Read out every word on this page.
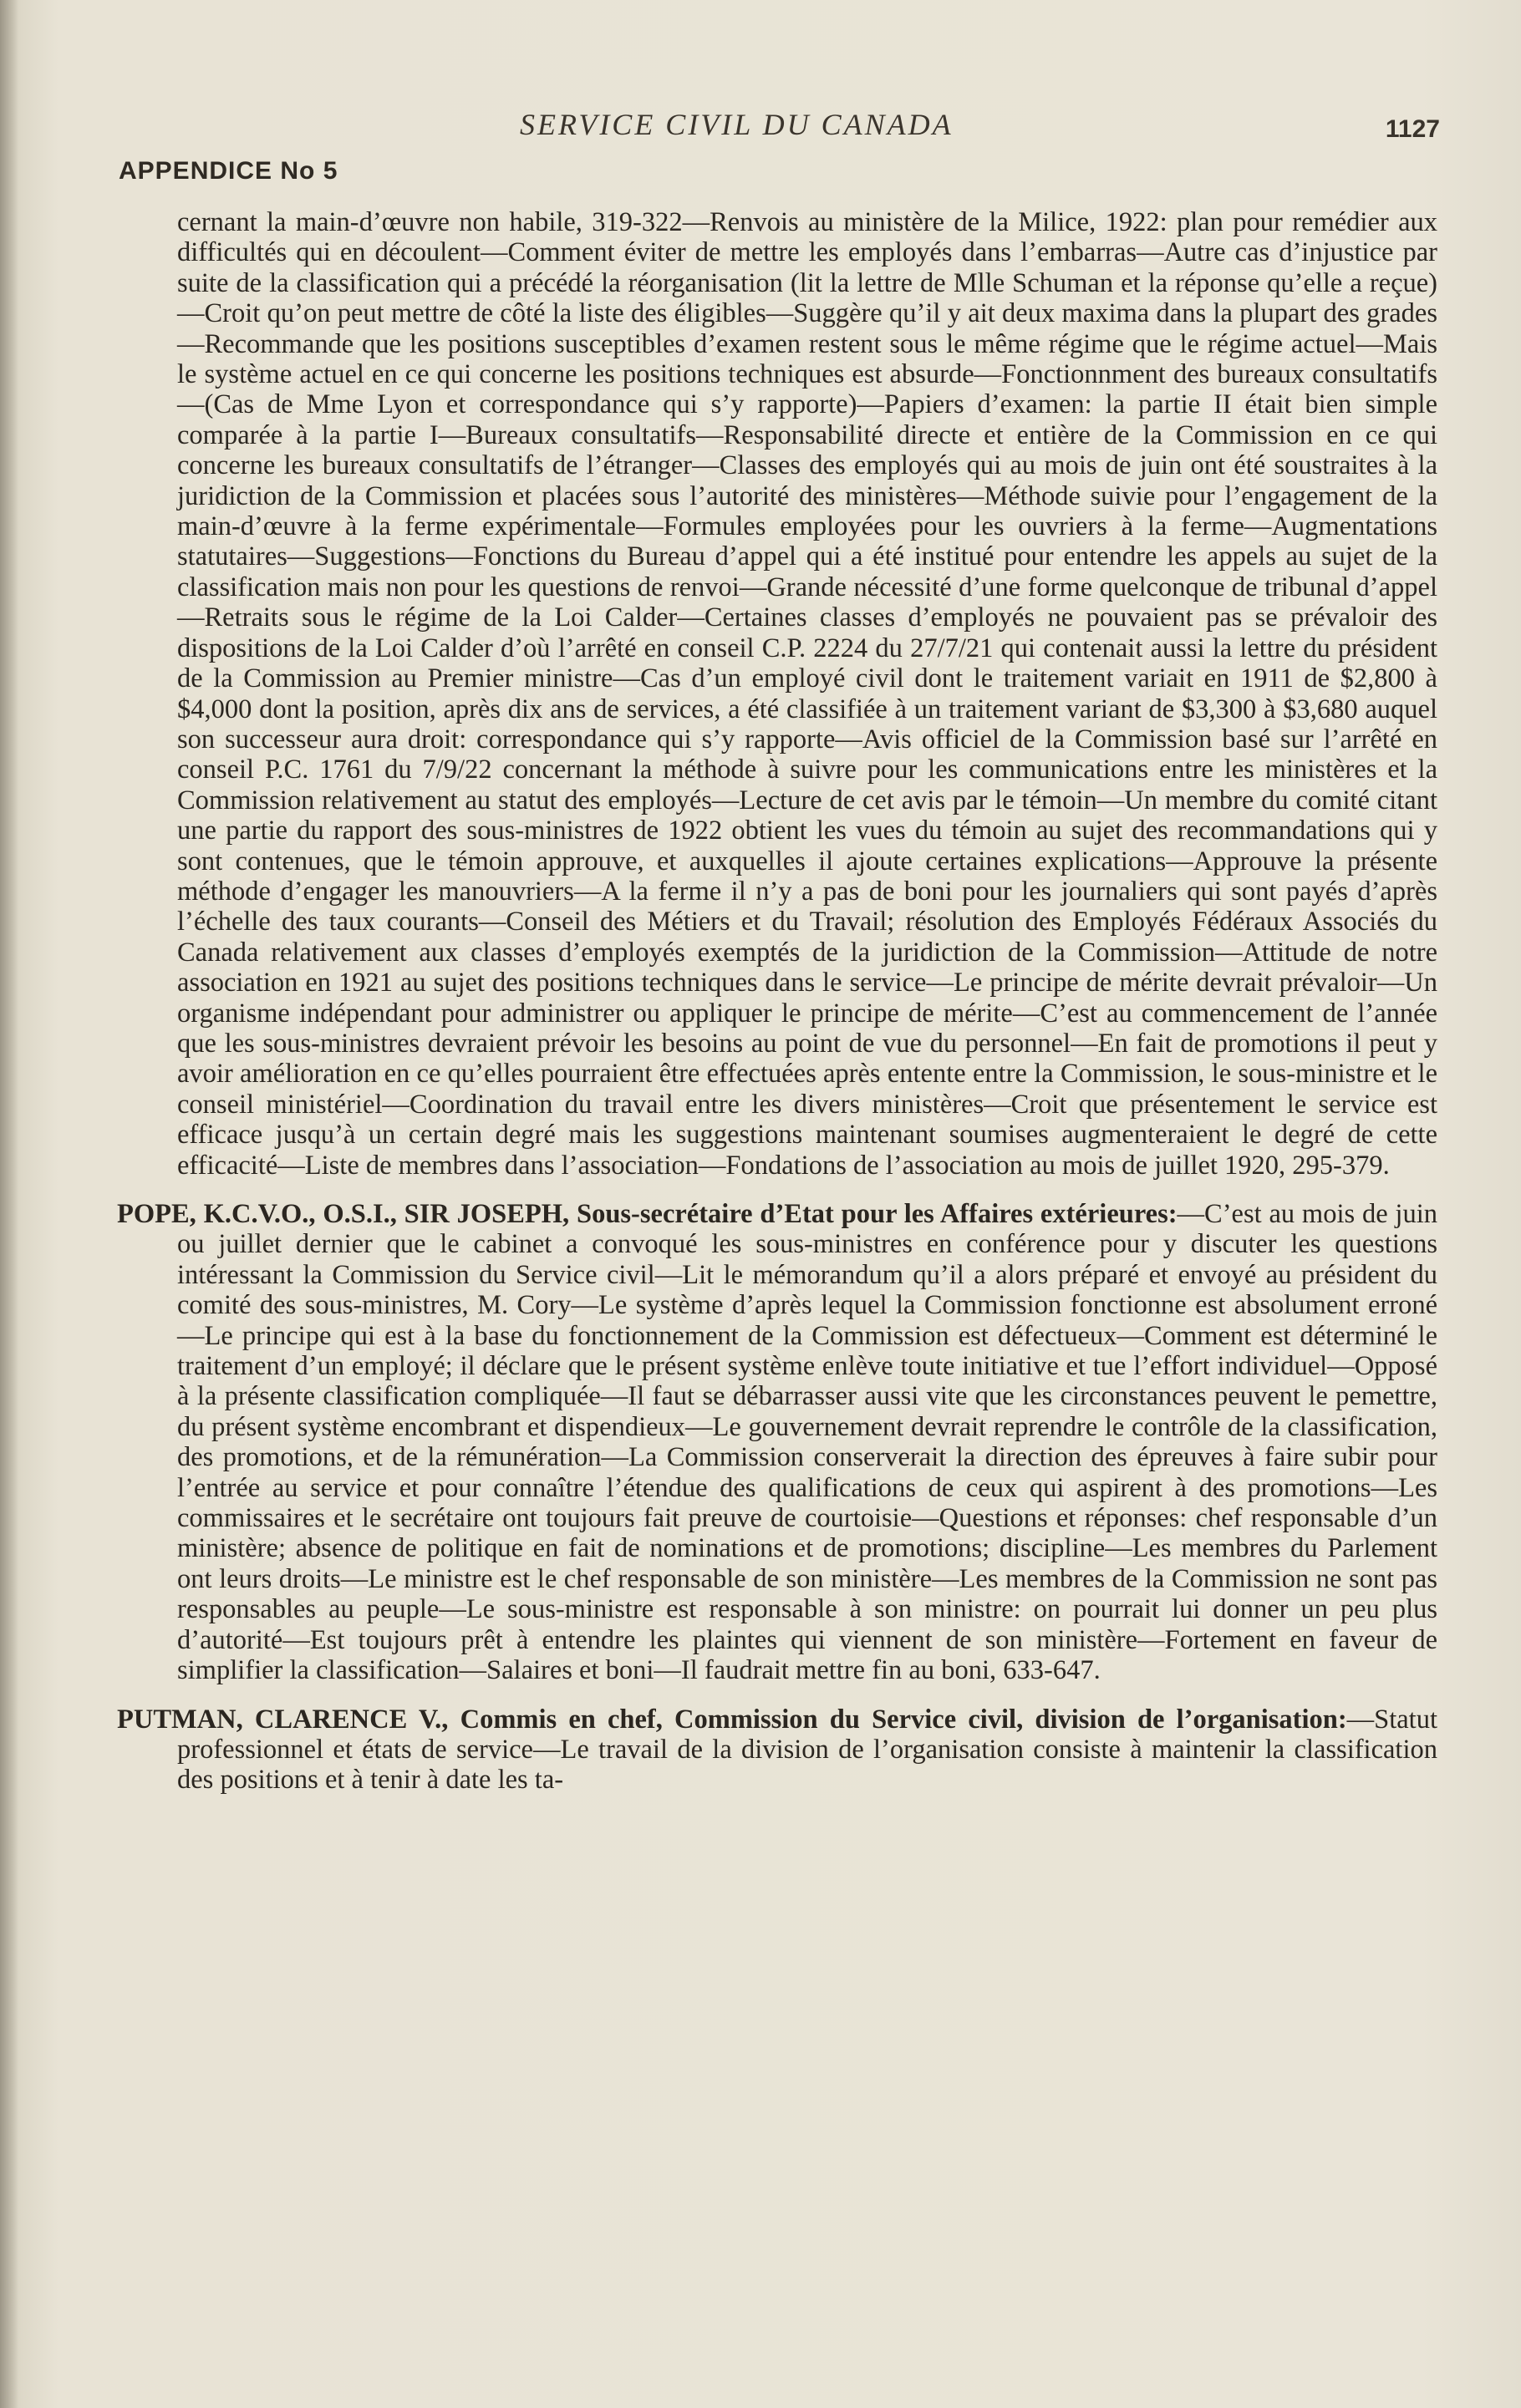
SERVICE CIVIL DU CANADA	1127
APPENDICE No 5

cernant la main-d’œuvre non habile, 319-322—Renvois au ministère de la Milice, 1922: plan pour remédier aux difficultés qui en découlent—Comment éviter de mettre les employés dans l’embarras—Autre cas d’injustice par suite de la classification qui a précédé la réorganisation (lit la lettre de Mlle Schuman et la réponse qu’elle a reçue)—Croit qu’on peut mettre de côté la liste des éligibles—Suggère qu’il y ait deux maxima dans la plupart des grades—Recommande que les positions susceptibles d’examen restent sous le même régime que le régime actuel—Mais le système actuel en ce qui concerne les positions techniques est absurde—Fonctionnment des bureaux consultatifs—(Cas de Mme Lyon et correspondance qui s’y rapporte)—Papiers d’examen: la partie II était bien simple comparée à la partie I—Bureaux consultatifs—Responsabilité directe et entière de la Commission en ce qui concerne les bureaux consultatifs de l’étranger—Classes des employés qui au mois de juin ont été soustraites à la juridiction de la Commission et placées sous l’autorité des ministères—Méthode suivie pour l’engagement de la main-d’œuvre à la ferme expérimentale—Formules employées pour les ouvriers à la ferme—Augmentations statutaires—Suggestions—Fonctions du Bureau d’appel qui a été institué pour entendre les appels au sujet de la classification mais non pour les questions de renvoi—Grande nécessité d’une forme quelconque de tribunal d’appel—Retraits sous le régime de la Loi Calder—Certaines classes d’employés ne pouvaient pas se prévaloir des dispositions de la Loi Calder d’où l’arrêté en conseil C.P. 2224 du 27/7/21 qui contenait aussi la lettre du président de la Commission au Premier ministre—Cas d’un employé civil dont le traitement variait en 1911 de $2,800 à $4,000 dont la position, après dix ans de services, a été classifiée à un traitement variant de $3,300 à $3,680 auquel son successeur aura droit: correspondance qui s’y rapporte—Avis officiel de la Commission basé sur l’arrêté en conseil P.C. 1761 du 7/9/22 concernant la méthode à suivre pour les communications entre les ministères et la Commission relativement au statut des employés—Lecture de cet avis par le témoin—Un membre du comité citant une partie du rapport des sous-ministres de 1922 obtient les vues du témoin au sujet des recommandations qui y sont contenues, que le témoin approuve, et auxquelles il ajoute certaines explications—Approuve la présente méthode d’engager les manouvriers—A la ferme il n’y a pas de boni pour les journaliers qui sont payés d’après l’échelle des taux courants—Conseil des Métiers et du Travail; résolution des Employés Fédéraux Associés du Canada relativement aux classes d’employés exemptés de la juridiction de la Commission—Attitude de notre association en 1921 au sujet des positions techniques dans le service—Le principe de mérite devrait prévaloir—Un organisme indépendant pour administrer ou appliquer le principe de mérite—C’est au commencement de l’année que les sous-ministres devraient prévoir les besoins au point de vue du personnel—En fait de promotions il peut y avoir amélioration en ce qu’elles pourraient être effectuées après entente entre la Commission, le sous-ministre et le conseil ministériel—Coordination du travail entre les divers ministères—Croit que présentement le service est efficace jusqu’à un certain degré mais les suggestions maintenant soumises augmenteraient le degré de cette efficacité—Liste de membres dans l’association—Fondations de l’association au mois de juillet 1920, 295-379.

POPE, K.C.V.O., O.S.I., SIR JOSEPH, Sous-secrétaire d’Etat pour les Affaires extérieures:—C’est au mois de juin ou juillet dernier que le cabinet a convoqué les sous-ministres en conférence pour y discuter les questions intéressant la Commission du Service civil—Lit le mémorandum qu’il a alors préparé et envoyé au président du comité des sous-ministres, M. Cory—Le système d’après lequel la Commission fonctionne est absolument erroné—Le principe qui est à la base du fonctionnement de la Commission est défectueux—Comment est déterminé le traitement d’un employé; il déclare que le présent système enlève toute initiative et tue l’effort individuel—Opposé à la présente classification compliquée—Il faut se débarrasser aussi vite que les circonstances peuvent le pemettre, du présent système encombrant et dispendieux—Le gouvernement devrait reprendre le contrôle de la classification, des promotions, et de la rémunération—La Commission conserverait la direction des épreuves à faire subir pour l’entrée au service et pour connaître l’étendue des qualifications de ceux qui aspirent à des promotions—Les commissaires et le secrétaire ont toujours fait preuve de courtoisie—Questions et réponses: chef responsable d’un ministère; absence de politique en fait de nominations et de promotions; discipline—Les membres du Parlement ont leurs droits—Le ministre est le chef responsable de son ministère—Les membres de la Commission ne sont pas responsables au peuple—Le sous-ministre est responsable à son ministre: on pourrait lui donner un peu plus d’autorité—Est toujours prêt à entendre les plaintes qui viennent de son ministère—Fortement en faveur de simplifier la classification—Salaires et boni—Il faudrait mettre fin au boni, 633-647.

PUTMAN, CLARENCE V., Commis en chef, Commission du Service civil, division de l’organisation:—Statut professionnel et états de service—Le travail de la division de l’organisation consiste à maintenir la classification des positions et à tenir à date les ta-
